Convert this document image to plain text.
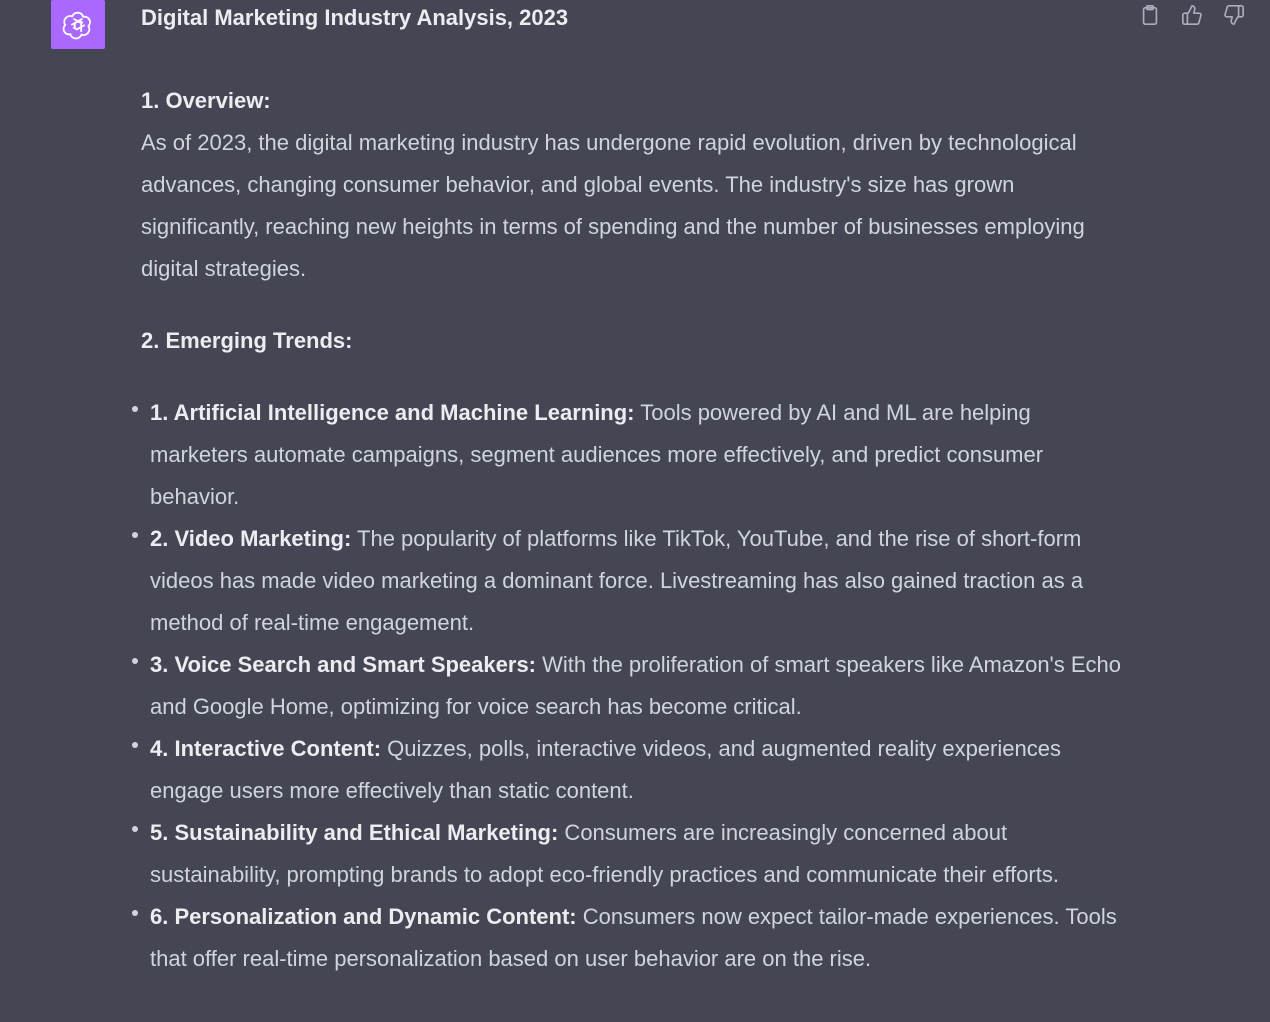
Digital Marketing Industry Analysis, 2023

1. Overview:

As of 2023, the digital marketing industry has undergone rapid evolution, driven by technological advances, changing consumer behavior, and global events. The industry's size has grown significantly, reaching new heights in terms of spending and the number of businesses employing digital strategies.

2. Emerging Trends:

1. Artificial Intelligence and Machine Learning: Tools powered by AI and ML are helping marketers automate campaigns, segment audiences more effectively, and predict consumer behavior.
2. Video Marketing: The popularity of platforms like TikTok, YouTube, and the rise of short-form videos has made video marketing a dominant force. Livestreaming has also gained traction as a method of real-time engagement.
3. Voice Search and Smart Speakers: With the proliferation of smart speakers like Amazon's Echo and Google Home, optimizing for voice search has become critical.
4. Interactive Content: Quizzes, polls, interactive videos, and augmented reality experiences engage users more effectively than static content.
5. Sustainability and Ethical Marketing: Consumers are increasingly concerned about sustainability, prompting brands to adopt eco-friendly practices and communicate their efforts.
6. Personalization and Dynamic Content: Consumers now expect tailor-made experiences. Tools that offer real-time personalization based on user behavior are on the rise.
